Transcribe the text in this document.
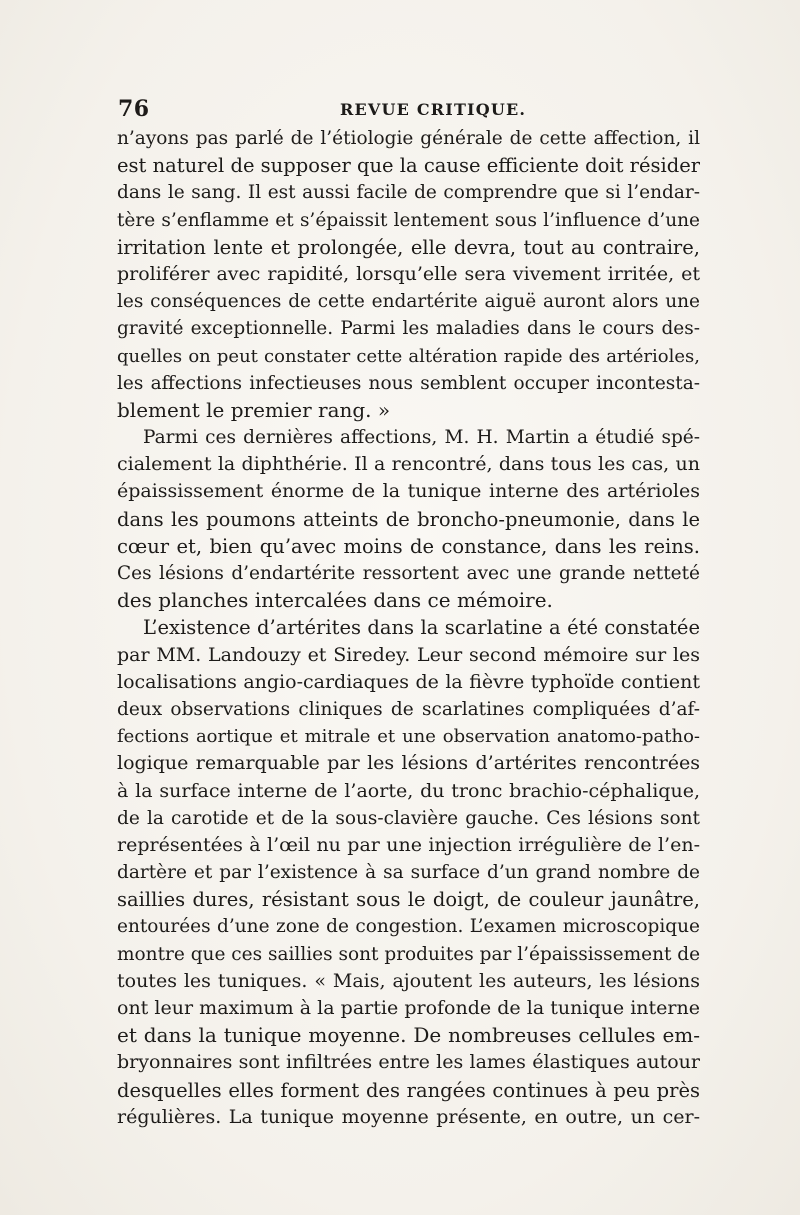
76	REVUE CRITIQUE.
n’ayons pas parlé de l’étiologie générale de cette affection, il
est naturel de supposer que la cause efficiente doit résider
dans le sang. Il est aussi facile de comprendre que si l’endar-
tère s’enflamme et s’épaissit lentement sous l’influence d’une
irritation lente et prolongée, elle devra, tout au contraire,
proliférer avec rapidité, lorsqu’elle sera vivement irritée, et
les conséquences de cette endartérite aiguë auront alors une
gravité exceptionnelle. Parmi les maladies dans le cours des-
quelles on peut constater cette altération rapide des artérioles,
les affections infectieuses nous semblent occuper incontesta-
blement le premier rang. »
Parmi ces dernières affections, M. H. Martin a étudié spé-
cialement la diphthérie. Il a rencontré, dans tous les cas, un
épaississement énorme de la tunique interne des artérioles
dans les poumons atteints de broncho-pneumonie, dans le
cœur et, bien qu’avec moins de constance, dans les reins.
Ces lésions d’endartérite ressortent avec une grande netteté
des planches intercalées dans ce mémoire.
L’existence d’artérites dans la scarlatine a été constatée
par MM. Landouzy et Siredey. Leur second mémoire sur les
localisations angio-cardiaques de la fièvre typhoïde contient
deux observations cliniques de scarlatines compliquées d’af-
fections aortique et mitrale et une observation anatomo-patho-
logique remarquable par les lésions d’artérites rencontrées
à la surface interne de l’aorte, du tronc brachio-céphalique,
de la carotide et de la sous-clavière gauche. Ces lésions sont
représentées à l’œil nu par une injection irrégulière de l’en-
dartère et par l’existence à sa surface d’un grand nombre de
saillies dures, résistant sous le doigt, de couleur jaunâtre,
entourées d’une zone de congestion. L’examen microscopique
montre que ces saillies sont produites par l’épaississement de
toutes les tuniques. « Mais, ajoutent les auteurs, les lésions
ont leur maximum à la partie profonde de la tunique interne
et dans la tunique moyenne. De nombreuses cellules em-
bryonnaires sont infiltrées entre les lames élastiques autour
desquelles elles forment des rangées continues à peu près
régulières. La tunique moyenne présente, en outre, un cer-
